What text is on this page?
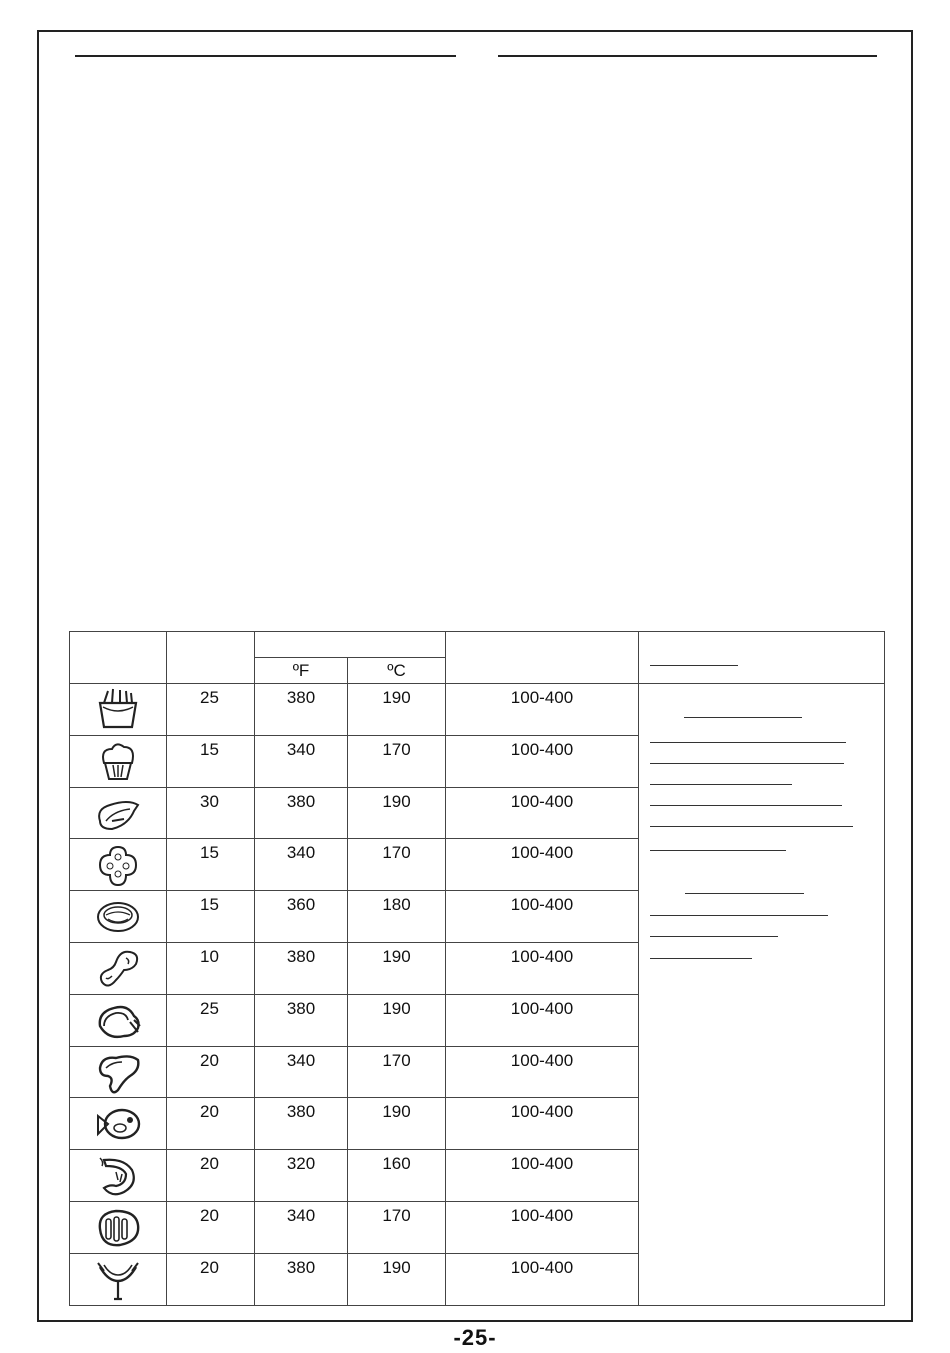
		ºF	ºC		

	25	380	190	100-400	

	15	340	170	100-400	

	30	380	190	100-400	

	15	340	170	100-400	

	15	360	180	100-400	

	10	380	190	100-400	

	25	380	190	100-400	

	20	340	170	100-400	

	20	380	190	100-400	

	20	320	160	100-400	

	20	340	170	100-400	

	20	380	190	100-400	
-25-
